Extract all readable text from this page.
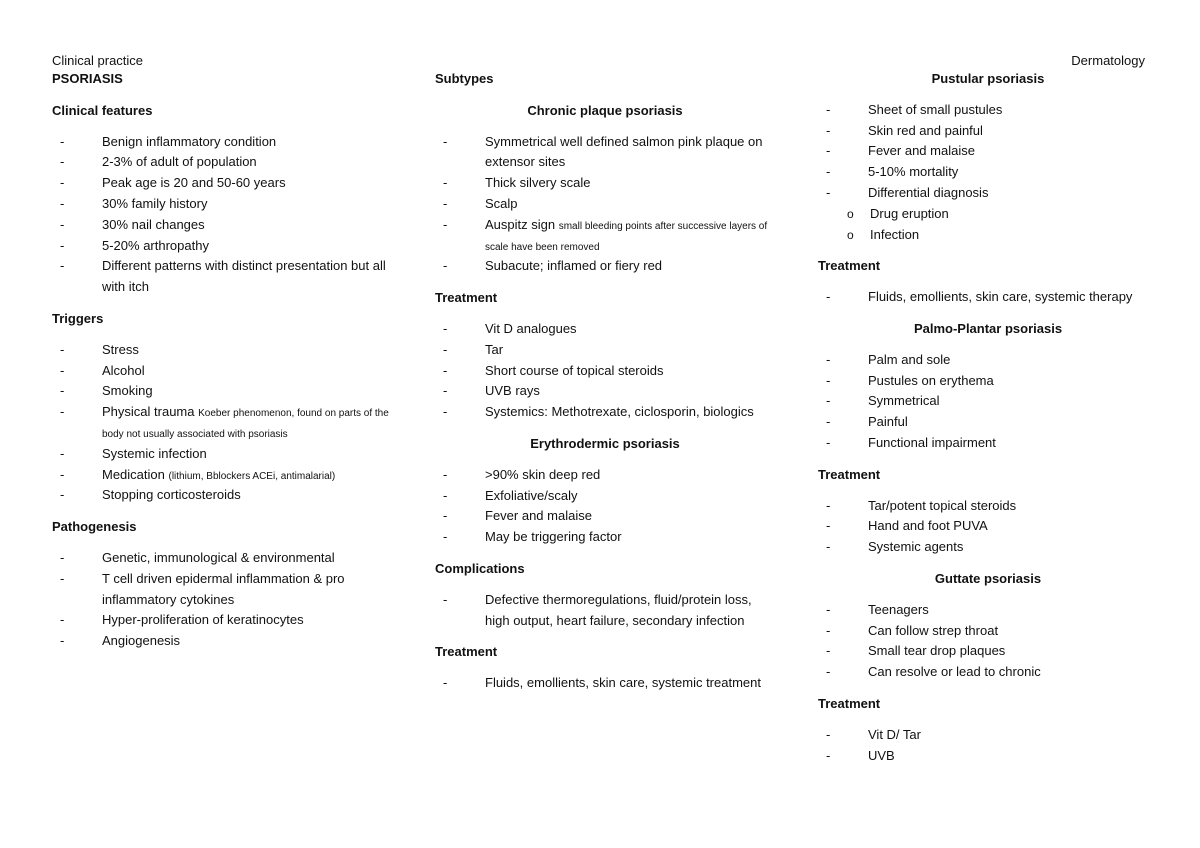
Clinical practice	Dermatology
PSORIASIS
Clinical features
- Benign inflammatory condition
- 2-3% of adult of population
- Peak age is 20 and 50-60 years
- 30% family history
- 30% nail changes
- 5-20% arthropathy
- Different patterns with distinct presentation but all with itch
Triggers
- Stress
- Alcohol
- Smoking
- Physical trauma Koeber phenomenon, found on parts of the body not usually associated with psoriasis
- Systemic infection
- Medication (lithium, Bblockers ACEi, antimalarial)
- Stopping corticosteroids
Pathogenesis
- Genetic, immunological & environmental
- T cell driven epidermal inflammation & pro inflammatory cytokines
- Hyper-proliferation of keratinocytes
- Angiogenesis
Subtypes
Chronic plaque psoriasis
- Symmetrical well defined salmon pink plaque on extensor sites
- Thick silvery scale
- Scalp
- Auspitz sign small bleeding points after successive layers of scale have been removed
- Subacute; inflamed or fiery red
Treatment
- Vit D analogues
- Tar
- Short course of topical steroids
- UVB rays
- Systemics: Methotrexate, ciclosporin, biologics
Erythrodermic psoriasis
- >90% skin deep red
- Exfoliative/scaly
- Fever and malaise
- May be triggering factor
Complications
- Defective thermoregulations, fluid/protein loss, high output, heart failure, secondary infection
Treatment
- Fluids, emollients, skin care, systemic treatment
Pustular psoriasis
- Sheet of small pustules
- Skin red and painful
- Fever and malaise
- 5-10% mortality
- Differential diagnosis
o Drug eruption
o Infection
Treatment
- Fluids, emollients, skin care, systemic therapy
Palmo-Plantar psoriasis
- Palm and sole
- Pustules on erythema
- Symmetrical
- Painful
- Functional impairment
Treatment
- Tar/potent topical steroids
- Hand and foot PUVA
- Systemic agents
Guttate psoriasis
- Teenagers
- Can follow strep throat
- Small tear drop plaques
- Can resolve or lead to chronic
Treatment
- Vit D/ Tar
- UVB
